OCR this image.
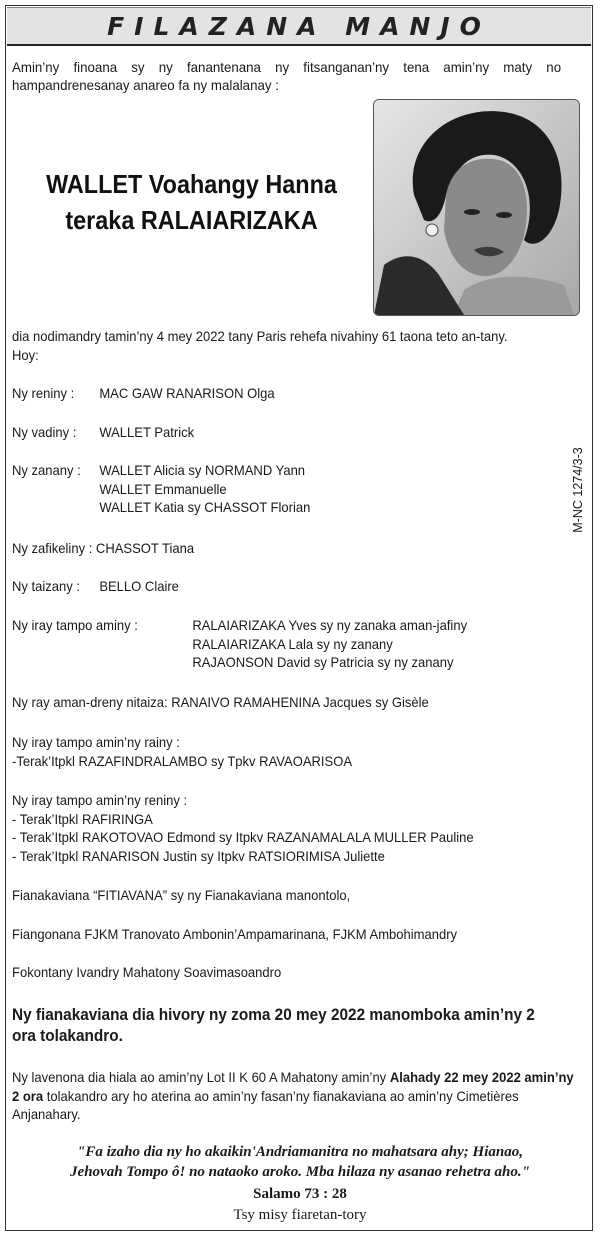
FILAZANA MANJO
Amin’ny finoana sy ny fanantenana ny fitsanganan’ny tena amin’ny maty no hampandrenesanay anareo fa ny malalanay :
WALLET Voahangy Hanna
teraka RALAIARIZAKA
dia nodimandry tamin’ny 4 mey 2022 tany Paris rehefa nivahiny 61 taona teto an-tany.
Hoy:
M-NC 1274/3-3
Ny reniny : MAC GAW RANARISON Olga
Ny vadiny : WALLET Patrick
Ny zanany : WALLET Alicia sy NORMAND Yann
WALLET Emmanuelle
WALLET Katia sy CHASSOT Florian
Ny zafikeliny : CHASSOT Tiana
Ny taizany : BELLO Claire
Ny iray tampo aminy :	RALAIARIZAKA Yves sy ny zanaka aman-jafiny
RALAIARIZAKA Lala sy ny zanany
RAJAONSON David sy Patricia sy ny zanany
Ny ray aman-dreny nitaiza: RANAIVO RAMAHENINA Jacques sy Gisèle
Ny iray tampo amin’ny rainy :
-Terak’Itpkl RAZAFINDRALAMBO sy Tpkv RAVAOARISOA
Ny iray tampo amin’ny reniny :
- Terak’Itpkl RAFIRINGA
- Terak’Itpkl RAKOTOVAO Edmond sy Itpkv RAZANAMALALA MULLER Pauline
- Terak’Itpkl RANARISON Justin sy Itpkv RATSIORIMISA Juliette
Fianakaviana “FITIAVANA” sy ny Fianakaviana manontolo,
Fiangonana FJKM Tranovato Ambonin’Ampamarinana, FJKM Ambohimandry
Fokontany Ivandry Mahatony Soavimasoandro
Ny fianakaviana dia hivory ny zoma 20 mey 2022 manomboka amin’ny 2 ora tolakandro.
Ny lavenona dia hiala ao amin’ny Lot II K 60 A Mahatony amin’ny Alahady 22 mey 2022 amin’ny 2 ora tolakandro ary ho aterina ao amin’ny fasan’ny fianakaviana ao amin’ny Cimetières Anjanahary.
"Fa izaho dia ny ho akaikin'Andriamanitra no mahatsara ahy; Hianao,
Jehovah Tompo ô! no nataoko aroko. Mba hilaza ny asanao rehetra aho."
Salamo 73 : 28
Tsy misy fiaretan-tory
